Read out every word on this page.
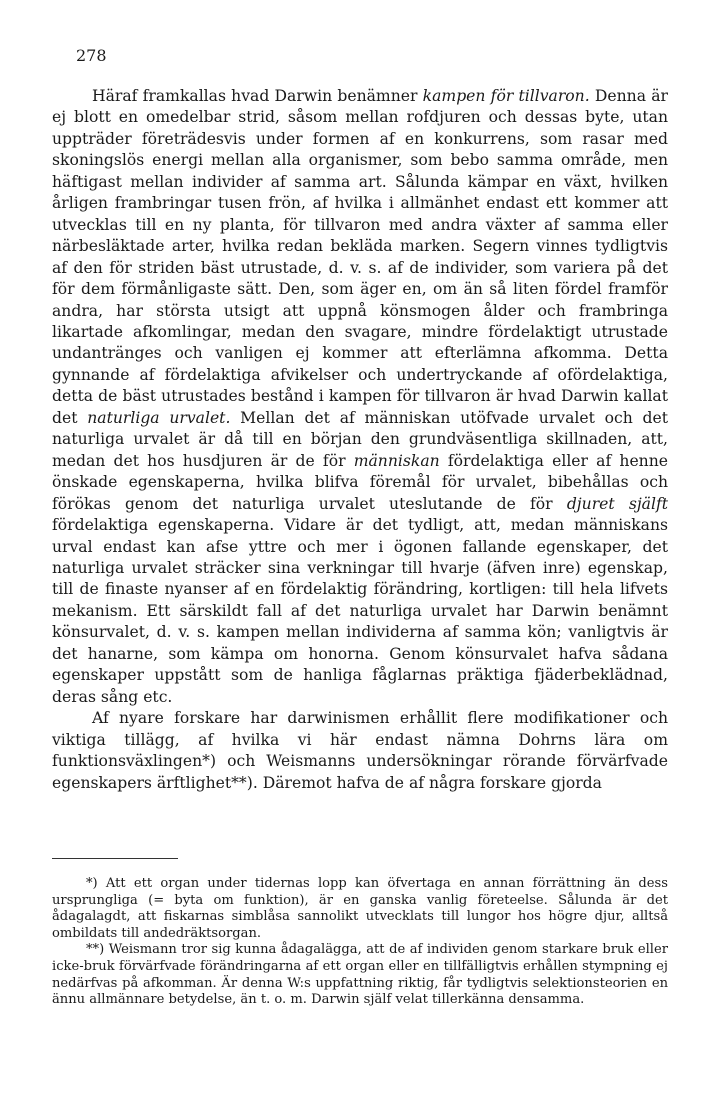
278

Häraf framkallas hvad Darwin benämner kampen för tillvaron. Denna är ej blott en omedelbar strid, såsom mellan rofdjuren och dessas byte, utan uppträder företrädesvis under formen af en konkurrens, som rasar med skoningslös energi mellan alla organismer, som bebo samma område, men häftigast mellan individer af samma art. Sålunda kämpar en växt, hvilken årligen frambringar tusen frön, af hvilka i allmänhet endast ett kommer att utvecklas till en ny planta, för tillvaron med andra växter af samma eller närbesläktade arter, hvilka redan bekläda marken. Segern vinnes tydligtvis af den för striden bäst utrustade, d. v. s. af de individer, som variera på det för dem förmånligaste sätt. Den, som äger en, om än så liten fördel framför andra, har största utsigt att uppnå könsmogen ålder och frambringa likartade afkomlingar, medan den svagare, mindre fördelaktigt utrustade undantränges och vanligen ej kommer att efterlämna afkomma. Detta gynnande af fördelaktiga afvikelser och undertryckande af ofördelaktiga, detta de bäst utrustades bestånd i kampen för tillvaron är hvad Darwin kallat det naturliga urvalet. Mellan det af människan utöfvade urvalet och det naturliga urvalet är då till en början den grundväsentliga skillnaden, att, medan det hos husdjuren är de för människan fördelaktiga eller af henne önskade egenskaperna, hvilka blifva föremål för urvalet, bibehållas och förökas genom det naturliga urvalet uteslutande de för djuret själft fördelaktiga egenskaperna. Vidare är det tydligt, att, medan människans urval endast kan afse yttre och mer i ögonen fallande egenskaper, det naturliga urvalet sträcker sina verkningar till hvarje (äfven inre) egenskap, till de finaste nyanser af en fördelaktig förändring, kortligen: till hela lifvets mekanism. Ett särskildt fall af det naturliga urvalet har Darwin benämnt könsurvalet, d. v. s. kampen mellan individerna af samma kön; vanligtvis är det hanarne, som kämpa om honorna. Genom könsurvalet hafva sådana egenskaper uppstått som de hanliga fåglarnas präktiga fjäderbeklädnad, deras sång etc.

Af nyare forskare har darwinismen erhållit flere modifikationer och viktiga tillägg, af hvilka vi här endast nämna Dohrns lära om funktionsväxlingen*) och Weismanns undersökningar rörande förvärfvade egenskapers ärftlighet**). Däremot hafva de af några forskare gjorda

*) Att ett organ under tidernas lopp kan öfvertaga en annan förrättning än dess ursprungliga (= byta om funktion), är en ganska vanlig företeelse. Sålunda är det ådagalagdt, att fiskarnas simblåsa sannolikt utvecklats till lungor hos högre djur, alltså ombildats till andedräktsorgan.

**) Weismann tror sig kunna ådagalägga, att de af individen genom starkare bruk eller icke-bruk förvärfvade förändringarna af ett organ eller en tillfälligtvis erhållen stympning ej nedärfvas på afkomman. Är denna W:s uppfattning riktig, får tydligtvis selektionsteorien en ännu allmännare betydelse, än t. o. m. Darwin själf velat tillerkänna densamma.
